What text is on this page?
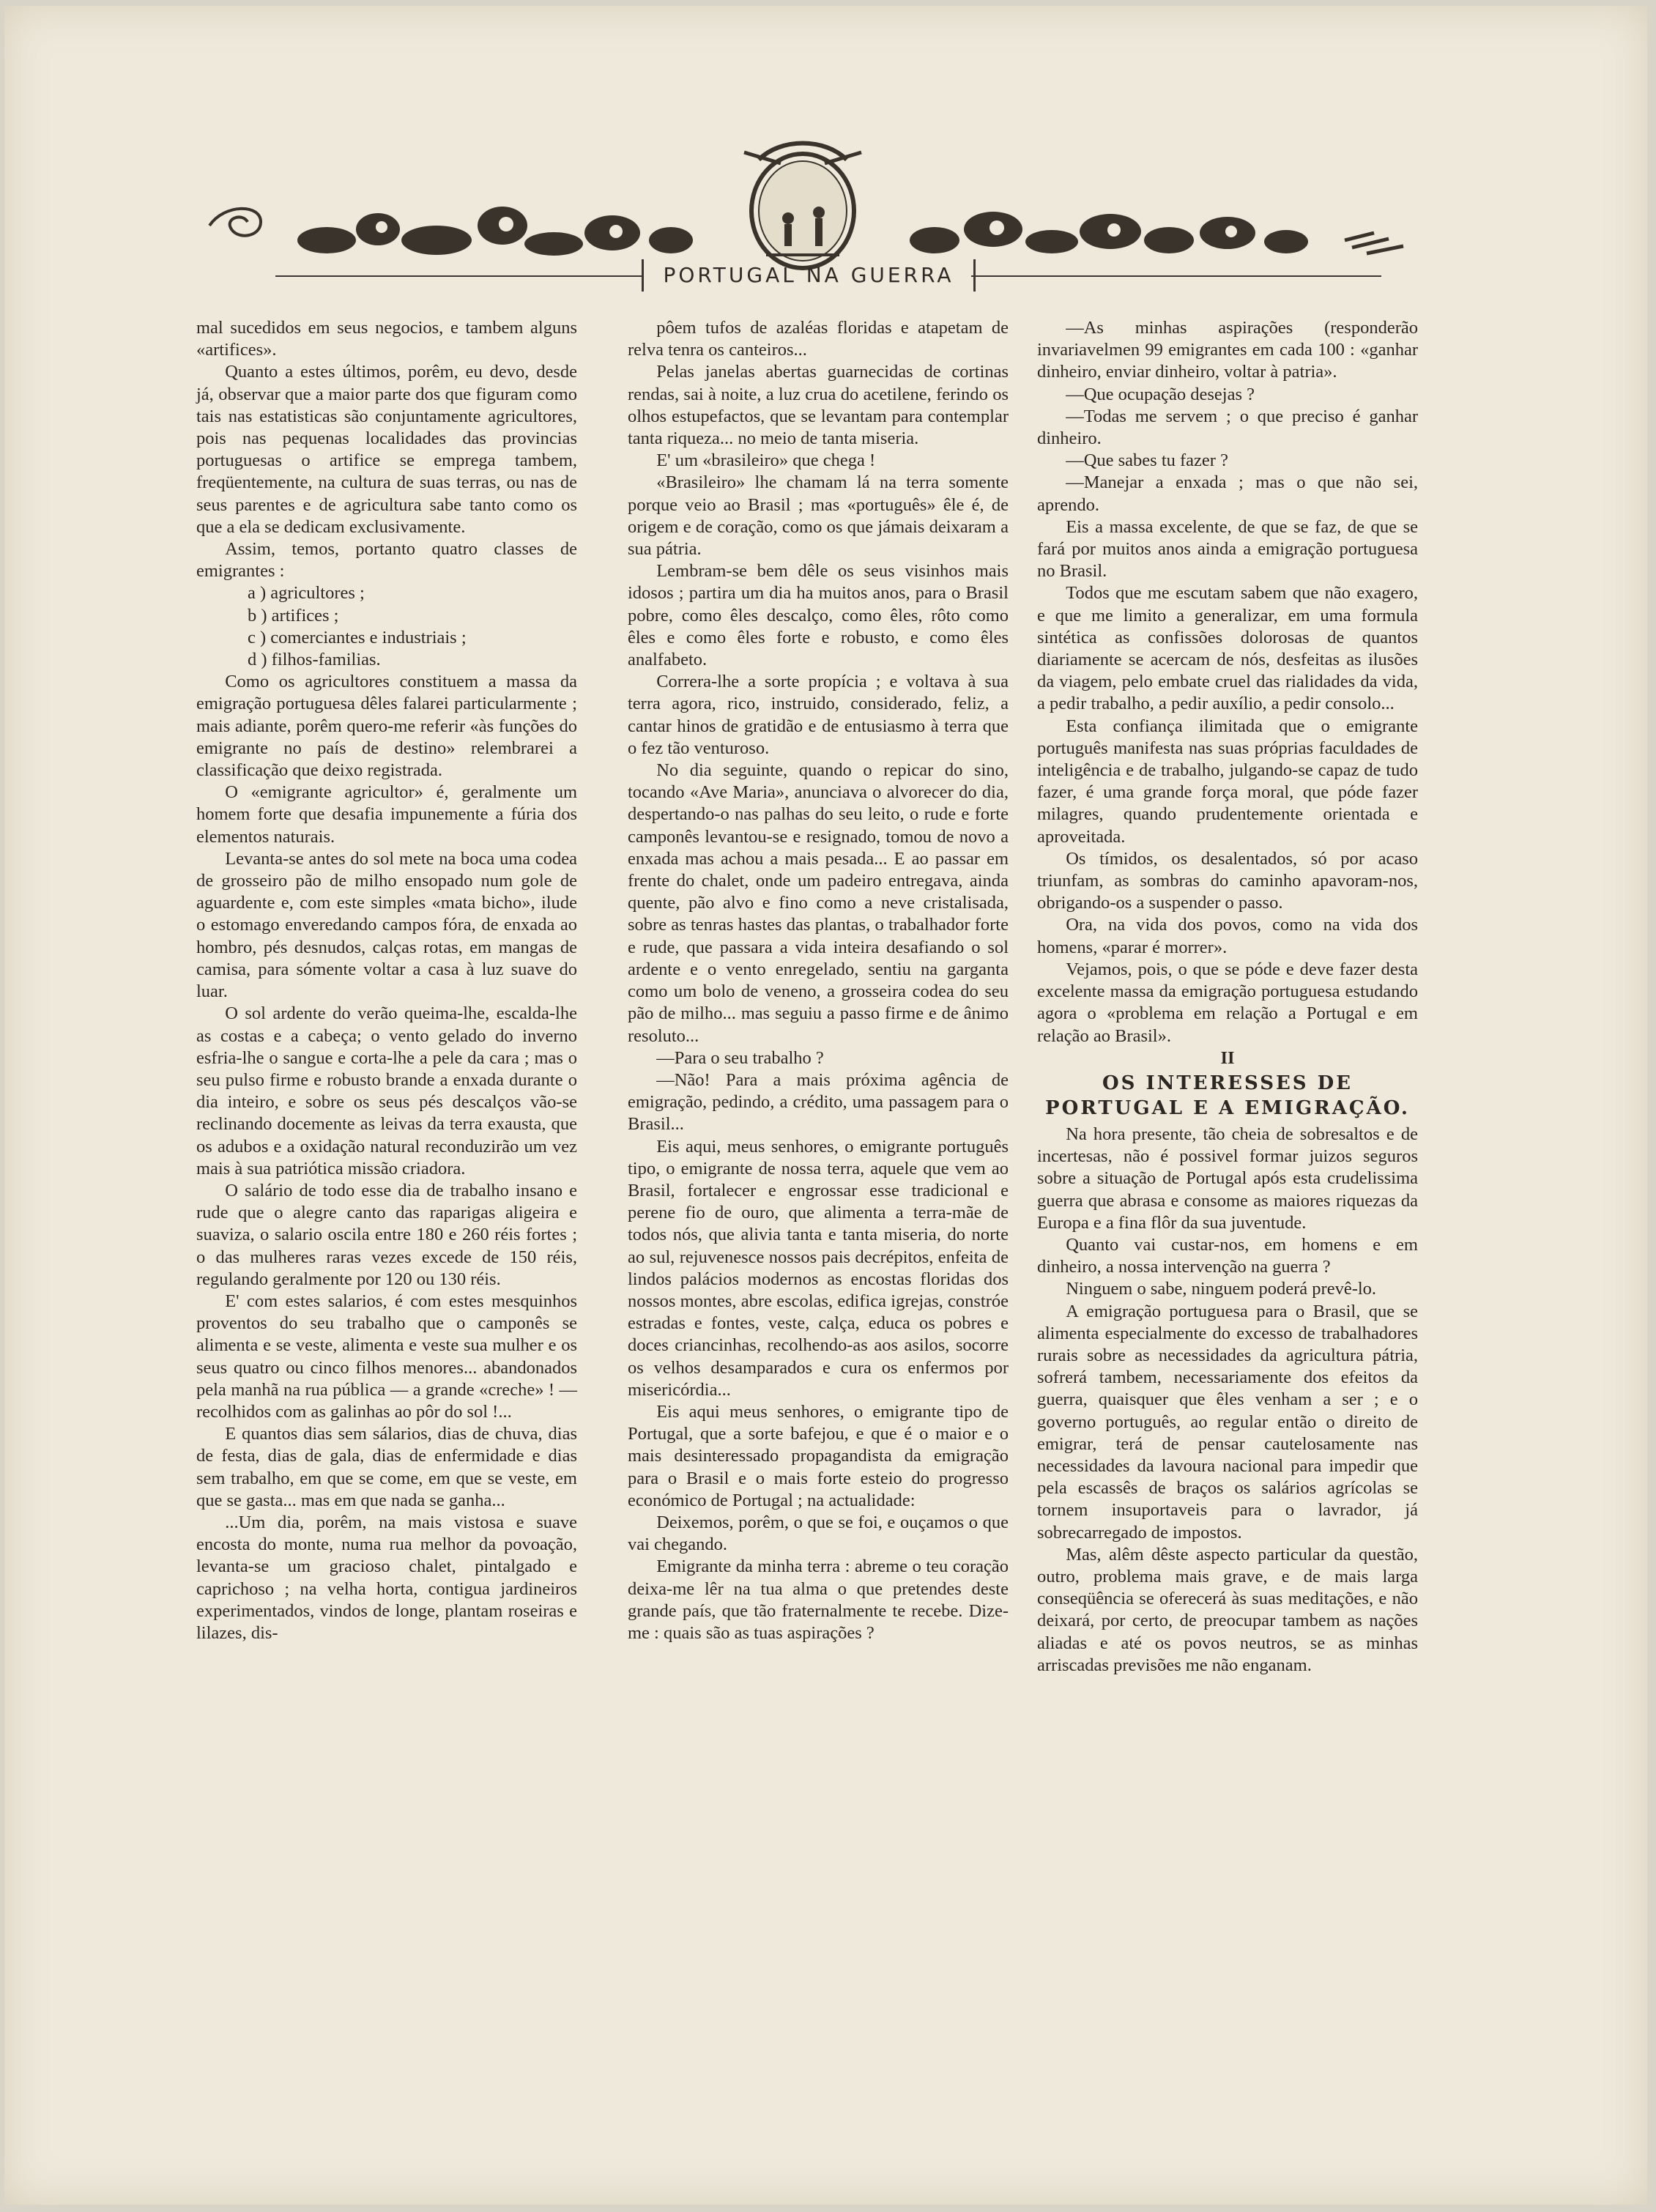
PORTUGAL NA GUERRA

mal sucedidos em seus negocios, e tambem alguns «artifices».

Quanto a estes últimos, porêm, eu devo, desde já, observar que a maior parte dos que figuram como tais nas estatisticas são conjuntamente agricultores, pois nas pequenas localidades das provincias portuguesas o artifice se emprega tambem, freqüentemente, na cultura de suas terras, ou nas de seus parentes e de agricultura sabe tanto como os que a ela se dedicam exclusivamente.

Assim, temos, portanto quatro classes de emigrantes :

a ) agricultores ;

b ) artifices ;

c ) comerciantes e industriais ;

d ) filhos-familias.

Como os agricultores constituem a massa da emigração portuguesa dêles falarei particularmente ; mais adiante, porêm quero-me referir «às funções do emigrante no país de destino» relembrarei a classificação que deixo registrada.

O «emigrante agricultor» é, geralmente um homem forte que desafia impunemente a fúria dos elementos naturais.

Levanta-se antes do sol mete na boca uma codea de grosseiro pão de milho ensopado num gole de aguardente e, com este simples «mata bicho», ilude o estomago enveredando campos fóra, de enxada ao hombro, pés desnudos, calças rotas, em mangas de camisa, para sómente voltar a casa à luz suave do luar.

O sol ardente do verão queima-lhe, escalda-lhe as costas e a cabeça; o vento gelado do inverno esfria-lhe o sangue e corta-lhe a pele da cara ; mas o seu pulso firme e robusto brande a enxada durante o dia inteiro, e sobre os seus pés descalços vão-se reclinando docemente as leivas da terra exausta, que os adubos e a oxidação natural reconduzirão um vez mais à sua patriótica missão criadora.

O salário de todo esse dia de trabalho insano e rude que o alegre canto das raparigas aligeira e suaviza, o salario oscila entre 180 e 260 réis fortes ; o das mulheres raras vezes excede de 150 réis, regulando geralmente por 120 ou 130 réis.

E' com estes salarios, é com estes mesquinhos proventos do seu trabalho que o camponês se alimenta e se veste, alimenta e veste sua mulher e os seus quatro ou cinco filhos menores... abandonados pela manhã na rua pública — a grande «creche» ! — recolhidos com as galinhas ao pôr do sol !...

E quantos dias sem sálarios, dias de chuva, dias de festa, dias de gala, dias de enfermidade e dias sem trabalho, em que se come, em que se veste, em que se gasta... mas em que nada se ganha...

...Um dia, porêm, na mais vistosa e suave encosta do monte, numa rua melhor da povoação, levanta-se um gracioso chalet, pintalgado e caprichoso ; na velha horta, contigua jardineiros experimentados, vindos de longe, plantam roseiras e lilazes, dis-

pôem tufos de azaléas floridas e atapetam de relva tenra os canteiros...

Pelas janelas abertas guarnecidas de cortinas rendas, sai à noite, a luz crua do acetilene, ferindo os olhos estupefactos, que se levantam para contemplar tanta riqueza... no meio de tanta miseria.

E' um «brasileiro» que chega !

«Brasileiro» lhe chamam lá na terra somente porque veio ao Brasil ; mas «português» êle é, de origem e de coração, como os que jámais deixaram a sua pátria.

Lembram-se bem dêle os seus visinhos mais idosos ; partira um dia ha muitos anos, para o Brasil pobre, como êles descalço, como êles, rôto como êles e como êles forte e robusto, e como êles analfabeto.

Correra-lhe a sorte propícia ; e voltava à sua terra agora, rico, instruido, considerado, feliz, a cantar hinos de gratidão e de entusiasmo à terra que o fez tão venturoso.

No dia seguinte, quando o repicar do sino, tocando «Ave Maria», anunciava o alvorecer do dia, despertando-o nas palhas do seu leito, o rude e forte camponês levantou-se e resignado, tomou de novo a enxada mas achou a mais pesada... E ao passar em frente do chalet, onde um padeiro entregava, ainda quente, pão alvo e fino como a neve cristalisada, sobre as tenras hastes das plantas, o trabalhador forte e rude, que passara a vida inteira desafiando o sol ardente e o vento enregelado, sentiu na garganta como um bolo de veneno, a grosseira codea do seu pão de milho... mas seguiu a passo firme e de ânimo resoluto...

—Para o seu trabalho ?

—Não! Para a mais próxima agência de emigração, pedindo, a crédito, uma passagem para o Brasil...

Eis aqui, meus senhores, o emigrante português tipo, o emigrante de nossa terra, aquele que vem ao Brasil, fortalecer e engrossar esse tradicional e perene fio de ouro, que alimenta a terra-mãe de todos nós, que alivia tanta e tanta miseria, do norte ao sul, rejuvenesce nossos pais decrépitos, enfeita de lindos palácios modernos as encostas floridas dos nossos montes, abre escolas, edifica igrejas, constróe estradas e fontes, veste, calça, educa os pobres e doces criancinhas, recolhendo-as aos asilos, socorre os velhos desamparados e cura os enfermos por misericórdia...

Eis aqui meus senhores, o emigrante tipo de Portugal, que a sorte bafejou, e que é o maior e o mais desinteressado propagandista da emigração para o Brasil e o mais forte esteio do progresso económico de Portugal ; na actualidade:

Deixemos, porêm, o que se foi, e ouçamos o que vai chegando.

Emigrante da minha terra : abreme o teu coração deixa-me lêr na tua alma o que pretendes deste grande país, que tão fraternalmente te recebe. Dize-me : quais são as tuas aspirações ?

—As minhas aspirações (responderão invariavelmen 99 emigrantes em cada 100 : «ganhar dinheiro, enviar dinheiro, voltar à patria».

—Que ocupação desejas ?

—Todas me servem ; o que preciso é ganhar dinheiro.

—Que sabes tu fazer ?

—Manejar a enxada ; mas o que não sei, aprendo.

Eis a massa excelente, de que se faz, de que se fará por muitos anos ainda a emigração portuguesa no Brasil.

Todos que me escutam sabem que não exagero, e que me limito a generalizar, em uma formula sintética as confissões dolorosas de quantos diariamente se acercam de nós, desfeitas as ilusões da viagem, pelo embate cruel das rialidades da vida, a pedir trabalho, a pedir auxílio, a pedir consolo...

Esta confiança ilimitada que o emigrante português manifesta nas suas próprias faculdades de inteligência e de trabalho, julgando-se capaz de tudo fazer, é uma grande força moral, que póde fazer milagres, quando prudentemente orientada e aproveitada.

Os tímidos, os desalentados, só por acaso triunfam, as sombras do caminho apavoram-nos, obrigando-os a suspender o passo.

Ora, na vida dos povos, como na vida dos homens, «parar é morrer».

Vejamos, pois, o que se póde e deve fazer desta excelente massa da emigração portuguesa estudando agora o «problema em relação a Portugal e em relação ao Brasil».

II

OS INTERESSES DE PORTUGAL E A EMIGRAÇÃO.

Na hora presente, tão cheia de sobresaltos e de incertesas, não é possivel formar juizos seguros sobre a situação de Portugal após esta crudelissima guerra que abrasa e consome as maiores riquezas da Europa e a fina flôr da sua juventude.

Quanto vai custar-nos, em homens e em dinheiro, a nossa intervenção na guerra ?

Ninguem o sabe, ninguem poderá prevê-lo.

A emigração portuguesa para o Brasil, que se alimenta especialmente do excesso de trabalhadores rurais sobre as necessidades da agricultura pátria, sofrerá tambem, necessariamente dos efeitos da guerra, quaisquer que êles venham a ser ; e o governo português, ao regular então o direito de emigrar, terá de pensar cautelosamente nas necessidades da lavoura nacional para impedir que pela escassês de braços os salários agrícolas se tornem insuportaveis para o lavrador, já sobrecarregado de impostos.

Mas, alêm dêste aspecto particular da questão, outro, problema mais grave, e de mais larga conseqüência se oferecerá às suas meditações, e não deixará, por certo, de preocupar tambem as nações aliadas e até os povos neutros, se as minhas arriscadas previsões me não enganam.
